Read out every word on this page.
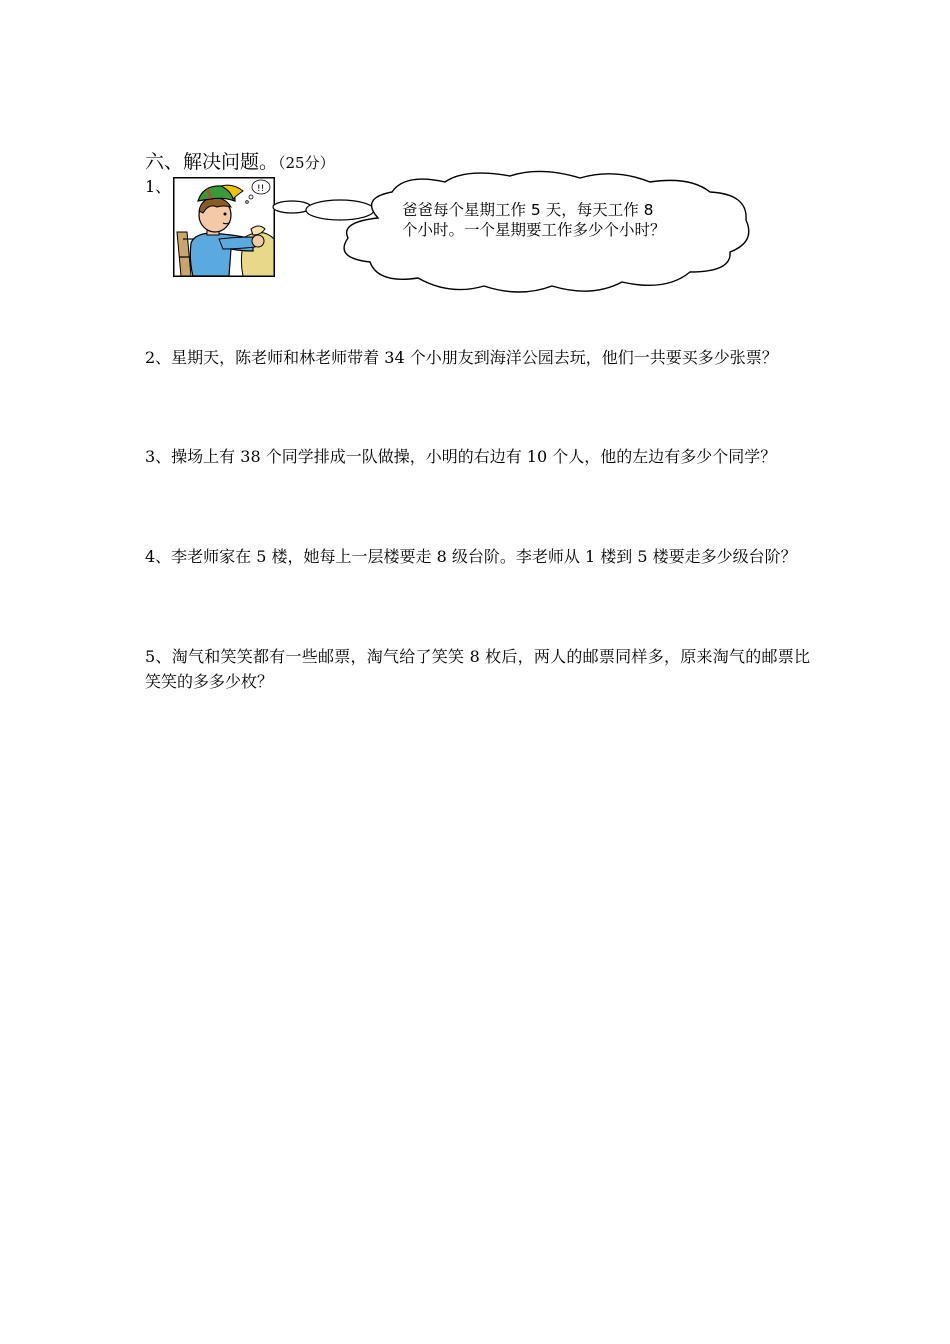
六、解决问题。（25分）
1、	!!
爸爸每个星期工作 5 天，每天工作 8 个小时。一个星期要工作多少个小时？
2、星期天，陈老师和林老师带着 34 个小朋友到海洋公园去玩，他们一共要买多少张票？
3、操场上有 38 个同学排成一队做操，小明的右边有 10 个人，他的左边有多少个同学？
4、李老师家在 5 楼，她每上一层楼要走 8 级台阶。李老师从 1 楼到 5 楼要走多少级台阶？
5、淘气和笑笑都有一些邮票，淘气给了笑笑 8 枚后，两人的邮票同样多，原来淘气的邮票比笑笑的多多少枚？
